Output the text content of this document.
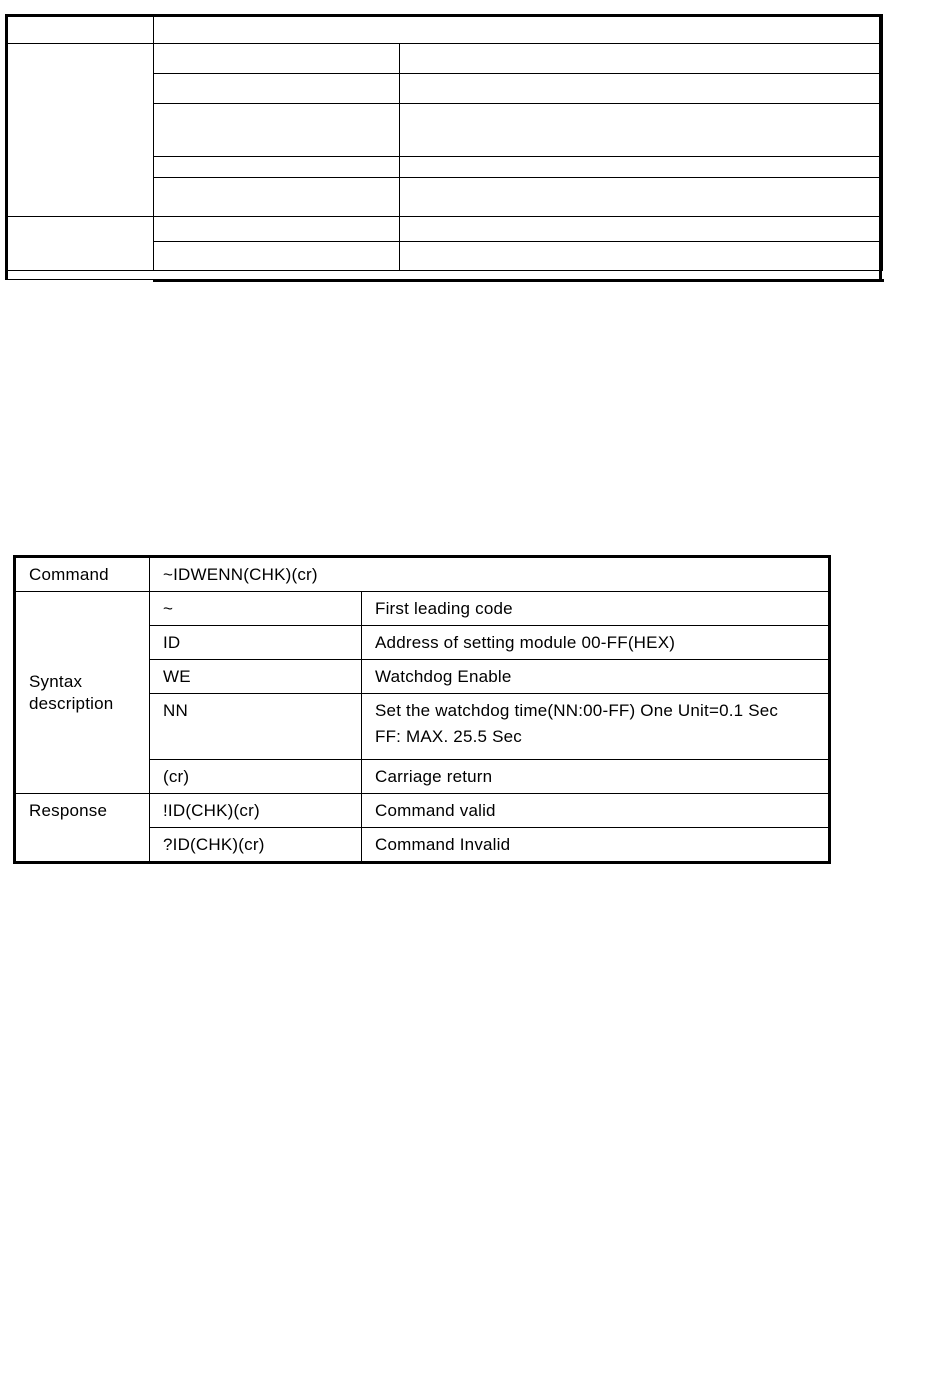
Command	~IDWENN(CHK)(cr)	

Syntax description	~	First leading code
	ID	Address of setting module 00-FF(HEX)
	WE	Watchdog Enable
	NN	Set the watchdog time(NN:00-FF) One Unit=0.1 Sec
FF: MAX. 25.5 Sec

	(cr)	Carriage return
Response	!ID(CHK)(cr)	Command valid
	?ID(CHK)(cr)	Command Invalid
